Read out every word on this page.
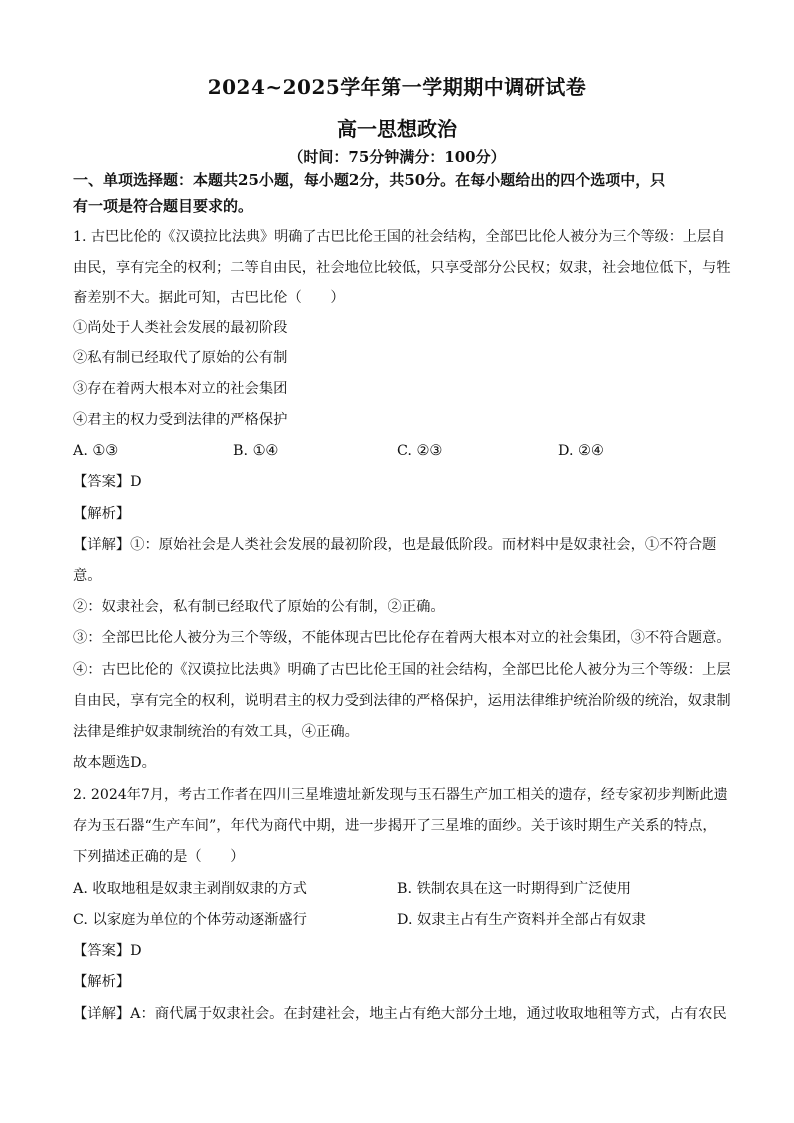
2024~2025学年第一学期期中调研试卷
高一思想政治
（时间：75分钟满分：100分）
一、单项选择题：本题共25小题，每小题2分，共50分。在每小题给出的四个选项中，只
有一项是符合题目要求的。
1. 古巴比伦的《汉谟拉比法典》明确了古巴比伦王国的社会结构，全部巴比伦人被分为三个等级：上层自
由民，享有完全的权利；二等自由民，社会地位比较低，只享受部分公民权；奴隶，社会地位低下，与牲
畜差别不大。据此可知，古巴比伦（　　）
①尚处于人类社会发展的最初阶段
②私有制已经取代了原始的公有制
③存在着两大根本对立的社会集团
④君主的权力受到法律的严格保护
A. ①③	B. ①④	C. ②③	D. ②④
【答案】D
【解析】
【详解】①：原始社会是人类社会发展的最初阶段，也是最低阶段。而材料中是奴隶社会，①不符合题
意。
②：奴隶社会，私有制已经取代了原始的公有制，②正确。
③：全部巴比伦人被分为三个等级，不能体现古巴比伦存在着两大根本对立的社会集团，③不符合题意。
④：古巴比伦的《汉谟拉比法典》明确了古巴比伦王国的社会结构，全部巴比伦人被分为三个等级：上层
自由民，享有完全的权利，说明君主的权力受到法律的严格保护，运用法律维护统治阶级的统治，奴隶制
法律是维护奴隶制统治的有效工具，④正确。
故本题选D。
2. 2024年7月，考古工作者在四川三星堆遗址新发现与玉石器生产加工相关的遗存，经专家初步判断此遗
存为玉石器“生产车间”，年代为商代中期，进一步揭开了三星堆的面纱。关于该时期生产关系的特点，
下列描述正确的是（　　）
A. 收取地租是奴隶主剥削奴隶的方式	B. 铁制农具在这一时期得到广泛使用
C. 以家庭为单位的个体劳动逐渐盛行	D. 奴隶主占有生产资料并全部占有奴隶
【答案】D
【解析】
【详解】A：商代属于奴隶社会。在封建社会，地主占有绝大部分土地，通过收取地租等方式，占有农民
